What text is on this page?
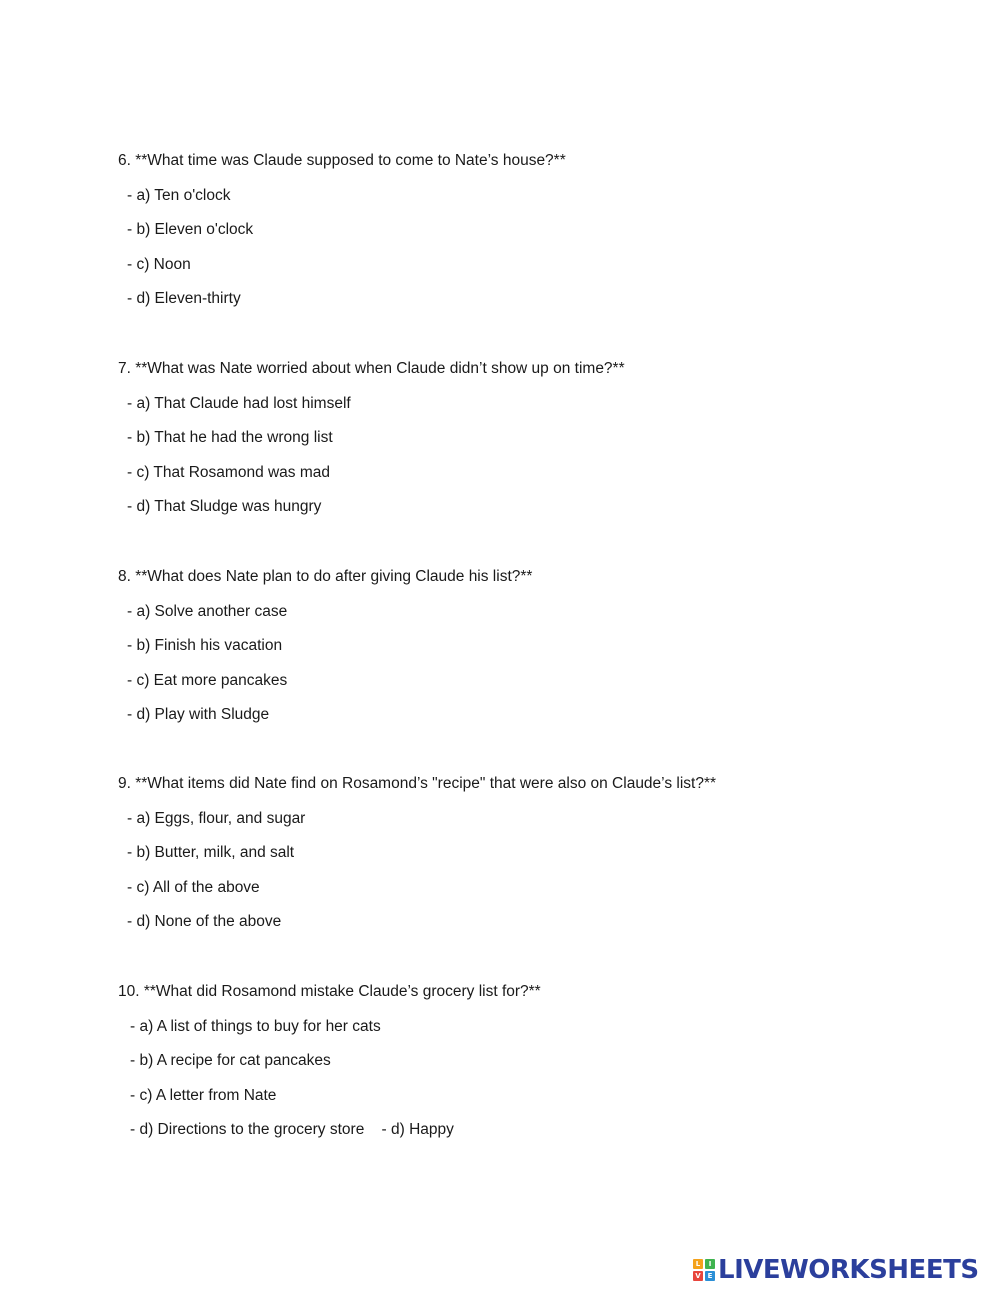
6. **What time was Claude supposed to come to Nate’s house?**

- a) Ten o'clock

- b) Eleven o'clock

- c) Noon

- d) Eleven-thirty

7. **What was Nate worried about when Claude didn’t show up on time?**

- a) That Claude had lost himself

- b) That he had the wrong list

- c) That Rosamond was mad

- d) That Sludge was hungry

8. **What does Nate plan to do after giving Claude his list?**

- a) Solve another case

- b) Finish his vacation

- c) Eat more pancakes

- d) Play with Sludge

9. **What items did Nate find on Rosamond’s "recipe" that were also on Claude’s list?**

- a) Eggs, flour, and sugar

- b) Butter, milk, and salt

- c) All of the above

- d) None of the above

10. **What did Rosamond mistake Claude’s grocery list for?**

- a) A list of things to buy for her cats

- b) A recipe for cat pancakes

- c) A letter from Nate

- d) Directions to the grocery store    - d) Happy

L	I
V E LIVEWORKSHEETS
